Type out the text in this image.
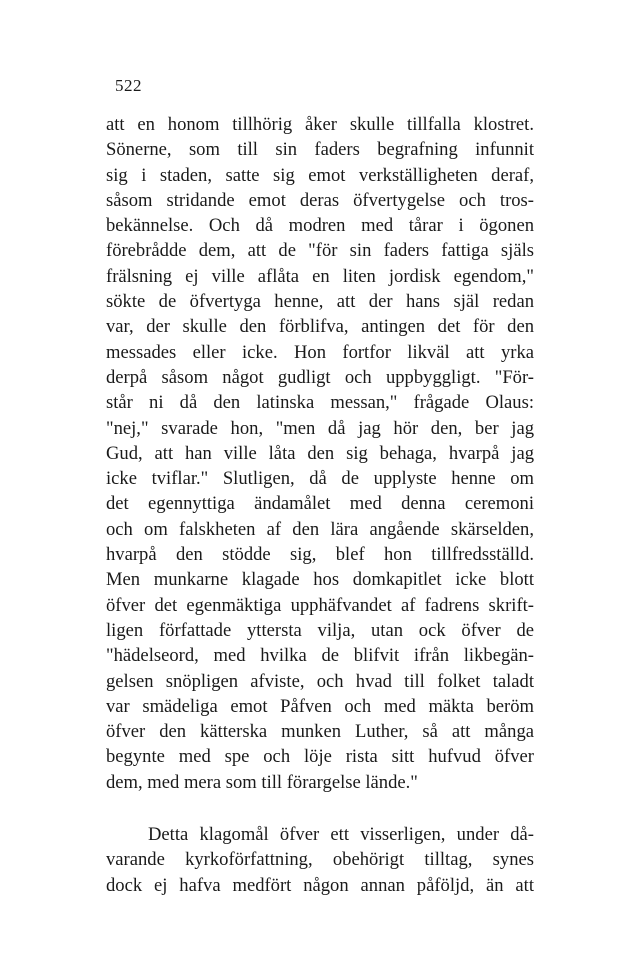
522
att en honom tillhörig åker skulle tillfalla klostret.
Sönerne, som till sin faders begrafning infunnit
sig i staden, satte sig emot verkställigheten deraf,
såsom stridande emot deras öfvertygelse och tros-
bekännelse. Och då modren med tårar i ögonen
förebrådde dem, att de "för sin faders fattiga själs
frälsning ej ville aflåta en liten jordisk egendom,"
sökte de öfvertyga henne, att der hans själ redan
var, der skulle den förblifva, antingen det för den
messades eller icke. Hon fortfor likväl att yrka
derpå såsom något gudligt och uppbyggligt. "För-
står ni då den latinska messan," frågade Olaus:
"nej," svarade hon, "men då jag hör den, ber jag
Gud, att han ville låta den sig behaga, hvarpå jag
icke tviflar." Slutligen, då de upplyste henne om
det egennyttiga ändamålet med denna ceremoni
och om falskheten af den lära angående skärselden,
hvarpå den stödde sig, blef hon tillfredsställd.
Men munkarne klagade hos domkapitlet icke blott
öfver det egenmäktiga upphäfvandet af fadrens skrift-
ligen författade yttersta vilja, utan ock öfver de
"hädelseord, med hvilka de blifvit ifrån likbegän-
gelsen snöpligen afviste, och hvad till folket taladt
var smädeliga emot Påfven och med mäkta beröm
öfver den kätterska munken Luther, så att många
begynte med spe och löje rista sitt hufvud öfver
dem, med mera som till förargelse lände."
Detta klagomål öfver ett visserligen, under då-
varande kyrkoförfattning, obehörigt tilltag, synes
dock ej hafva medfört någon annan påföljd, än att
